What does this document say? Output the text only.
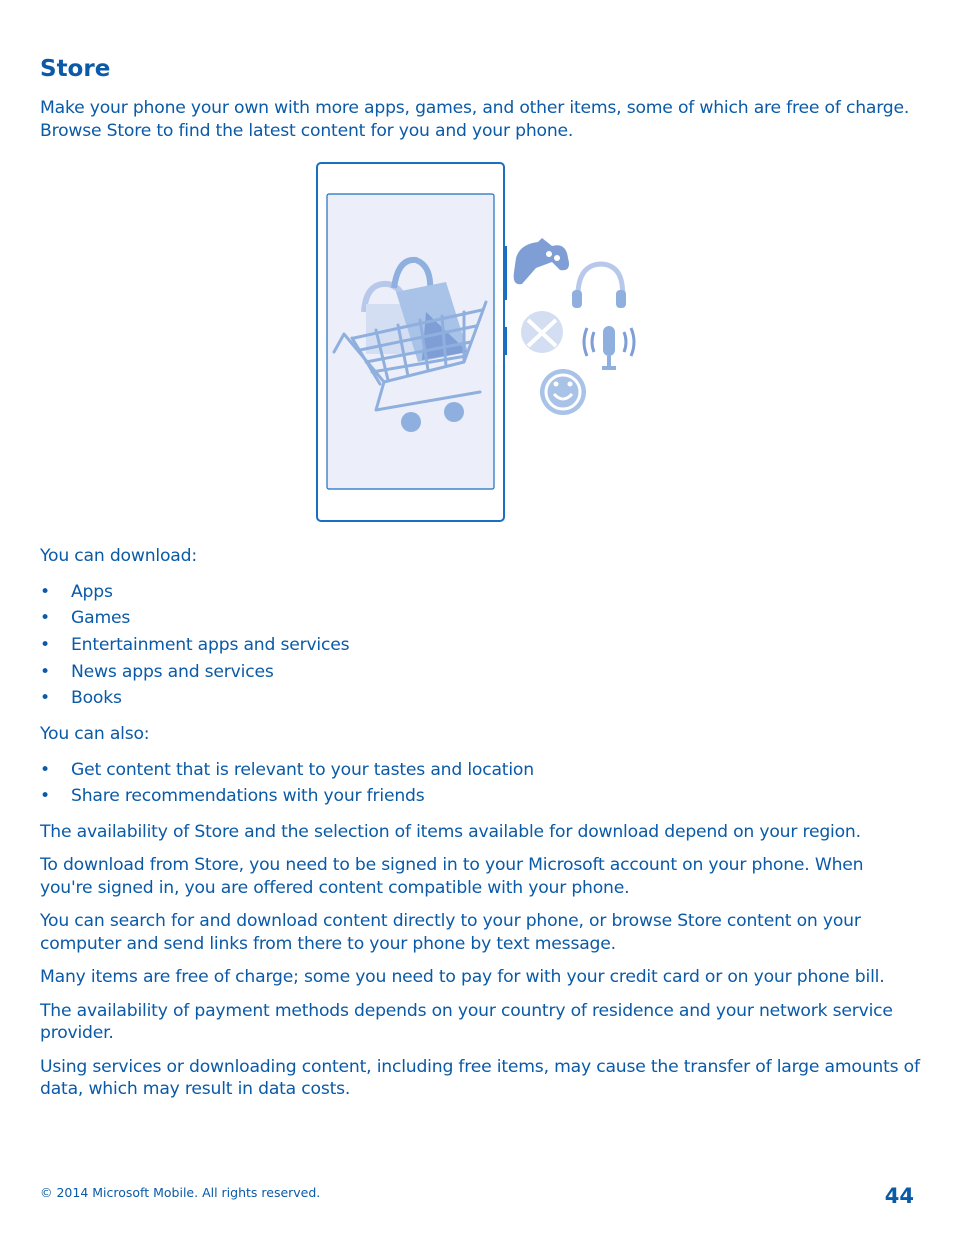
Store

Make your phone your own with more apps, games, and other items, some of which are free of charge. Browse Store to find the latest content for you and your phone.

You can download:

• Apps
• Games
• Entertainment apps and services
• News apps and services
• Books

You can also:

• Get content that is relevant to your tastes and location
• Share recommendations with your friends

The availability of Store and the selection of items available for download depend on your region.

To download from Store, you need to be signed in to your Microsoft account on your phone. When you're signed in, you are offered content compatible with your phone.

You can search for and download content directly to your phone, or browse Store content on your computer and send links from there to your phone by text message.

Many items are free of charge; some you need to pay for with your credit card or on your phone bill.

The availability of payment methods depends on your country of residence and your network service provider.

Using services or downloading content, including free items, may cause the transfer of large amounts of data, which may result in data costs.

© 2014 Microsoft Mobile. All rights reserved.	44
